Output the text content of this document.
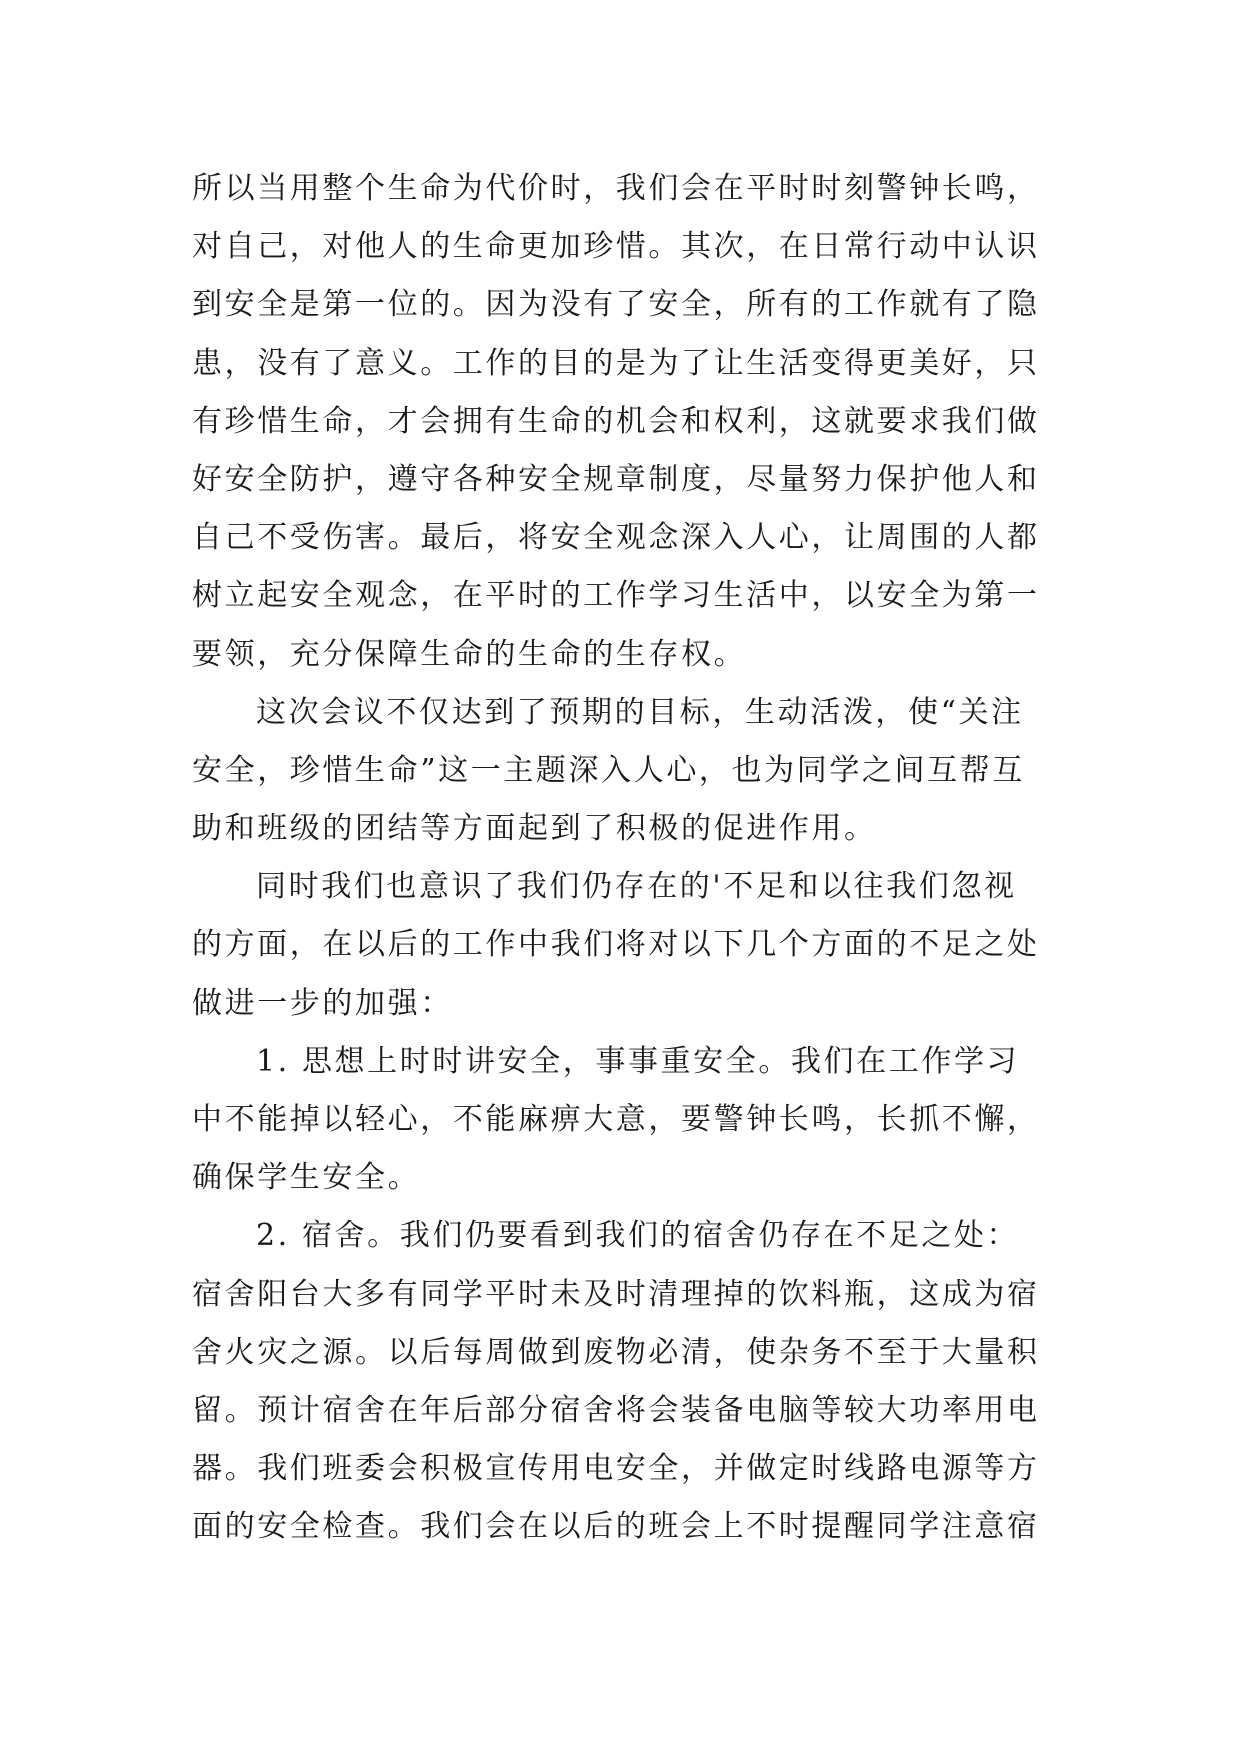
所以当用整个生命为代价时，我们会在平时时刻警钟长鸣，
对自己，对他人的生命更加珍惜。其次，在日常行动中认识
到安全是第一位的。因为没有了安全，所有的工作就有了隐
患，没有了意义。工作的目的是为了让生活变得更美好，只
有珍惜生命，才会拥有生命的机会和权利，这就要求我们做
好安全防护，遵守各种安全规章制度，尽量努力保护他人和
自己不受伤害。最后，将安全观念深入人心，让周围的人都
树立起安全观念，在平时的工作学习生活中，以安全为第一
要领，充分保障生命的生命的生存权。
这次会议不仅达到了预期的目标，生动活泼，使“关注
安全，珍惜生命”这一主题深入人心，也为同学之间互帮互
助和班级的团结等方面起到了积极的促进作用。
同时我们也意识了我们仍存在的'不足和以往我们忽视
的方面，在以后的工作中我们将对以下几个方面的不足之处
做进一步的加强：
1. 思想上时时讲安全，事事重安全。我们在工作学习
中不能掉以轻心，不能麻痹大意，要警钟长鸣，长抓不懈，
确保学生安全。
2. 宿舍。我们仍要看到我们的宿舍仍存在不足之处：
宿舍阳台大多有同学平时未及时清理掉的饮料瓶，这成为宿
舍火灾之源。以后每周做到废物必清，使杂务不至于大量积
留。预计宿舍在年后部分宿舍将会装备电脑等较大功率用电
器。我们班委会积极宣传用电安全，并做定时线路电源等方
面的安全检查。我们会在以后的班会上不时提醒同学注意宿
